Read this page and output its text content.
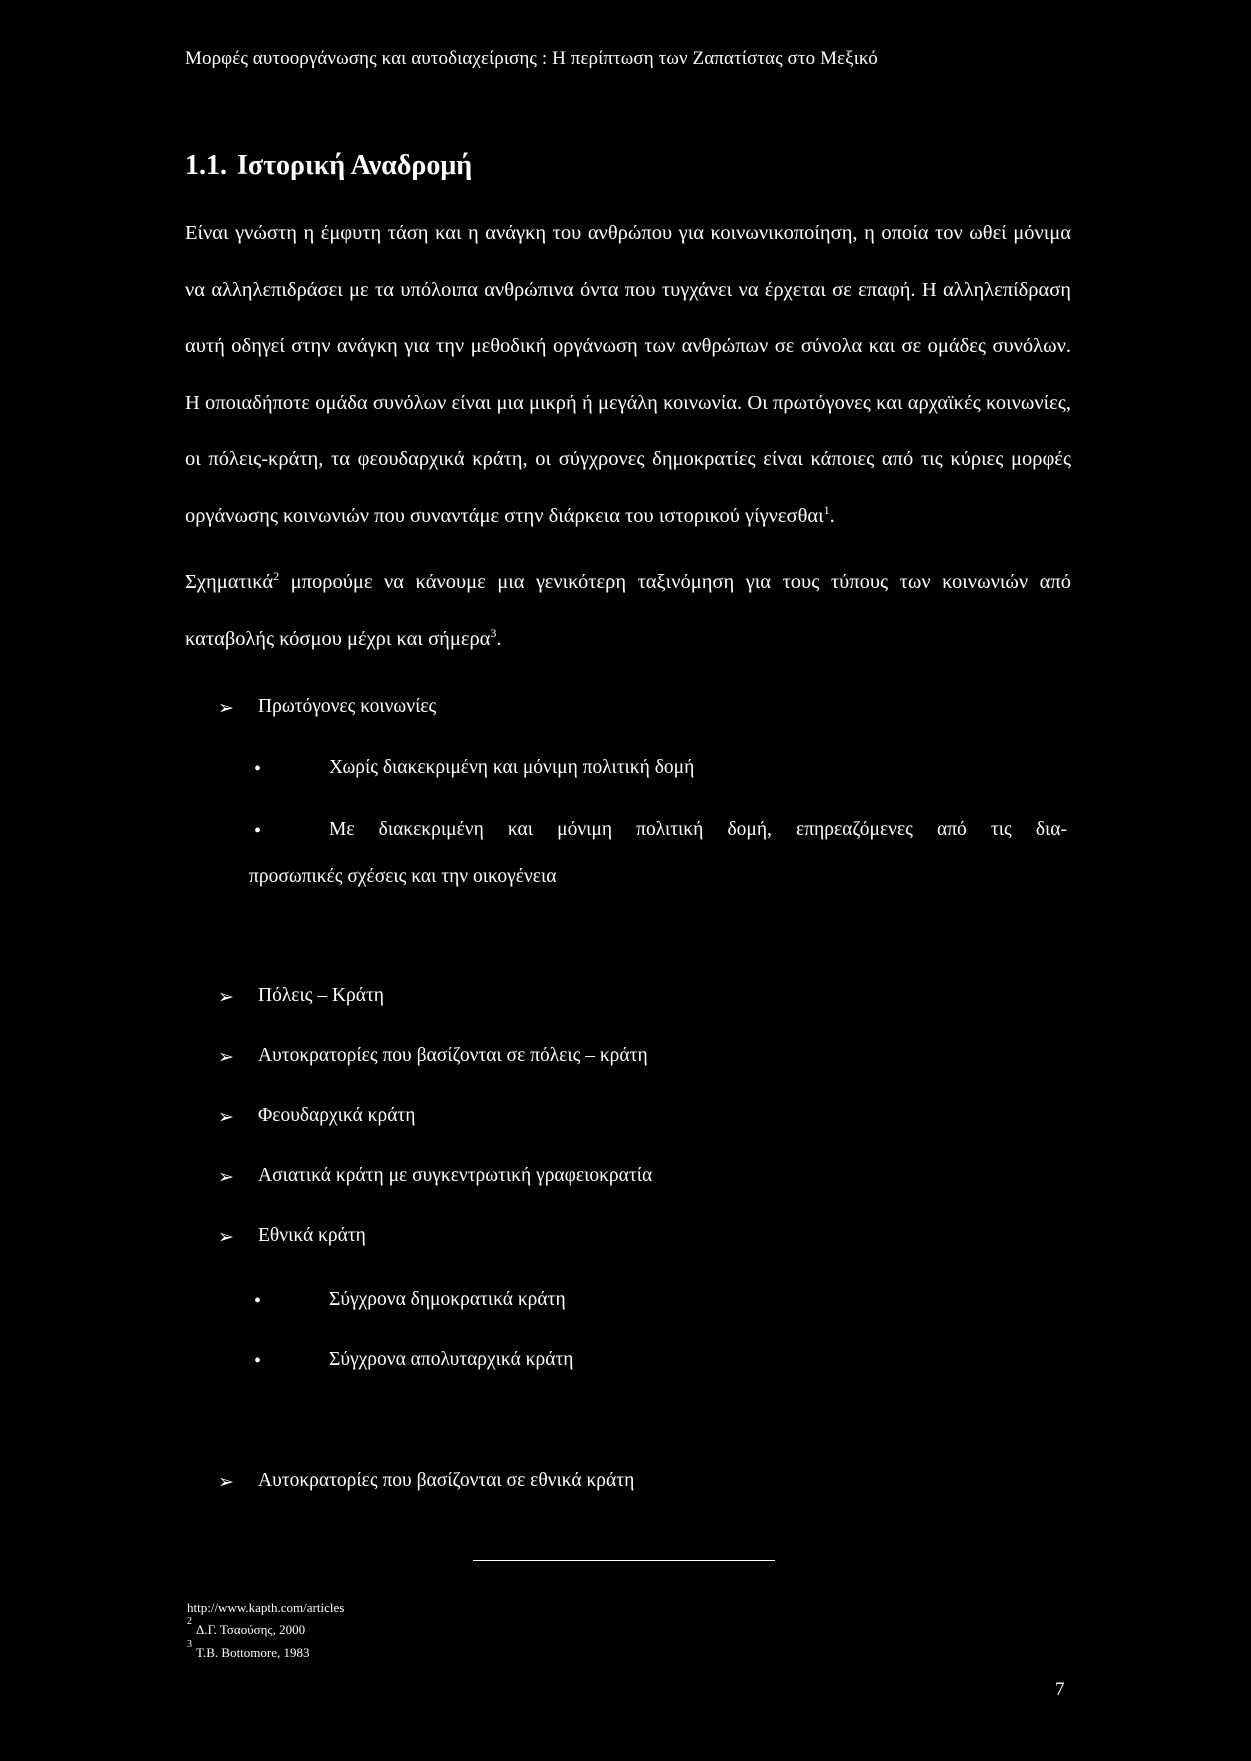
Μορφές αυτοοργάνωσης και αυτοδιαχείρισης : Η περίπτωση των Ζαπατίστας στο Μεξικό
1.1. Ιστορική Αναδρομή
Είναι γνώστη η έμφυτη τάση και η ανάγκη του ανθρώπου για κοινωνικοποίηση, η οποία τον ωθεί μόνιμα να αλληλεπιδράσει με τα υπόλοιπα ανθρώπινα όντα που τυγχάνει να έρχεται σε επαφή. Η αλληλεπίδραση αυτή οδηγεί στην ανάγκη για την μεθοδική οργάνωση των ανθρώπων σε σύνολα και σε ομάδες συνόλων. Η οποιαδήποτε ομάδα συνόλων είναι μια μικρή ή μεγάλη κοινωνία. Οι πρωτόγονες και αρχαϊκές κοινωνίες, οι πόλεις-κράτη, τα φεουδαρχικά κράτη, οι σύγχρονες δημοκρατίες είναι κάποιες από τις κύριες μορφές οργάνωσης κοινωνιών που συναντάμε στην διάρκεια του ιστορικού γίγνεσθαι$^1$.
Σχηματικά$^2$ μπορούμε να κάνουμε μια γενικότερη ταξινόμηση για τους τύπους των κοινωνιών από καταβολής κόσμου μέχρι και σήμερα$^3$.
➢ Πρωτόγονες κοινωνίες
•	Χωρίς διακεκριμένη και μόνιμη πολιτική δομή
•	Με διακεκριμένη και μόνιμη πολιτική δομή, επηρεαζόμενες από τις δια-
προσωπικές σχέσεις και την οικογένεια
➢ Πόλεις – Κράτη
➢ Αυτοκρατορίες που βασίζονται σε πόλεις – κράτη
➢ Φεουδαρχικά κράτη
➢ Ασιατικά κράτη με συγκεντρωτική γραφειοκρατία
➢ Εθνικά κράτη
•	Σύγχρονα δημοκρατικά κράτη
•	Σύγχρονα απολυταρχικά κράτη
➢ Αυτοκρατορίες που βασίζονται σε εθνικά κράτη
http://www.kapth.com/articles
$^2$Δ.Γ. Τσαούσης, 2000
$^3$T.B. Bottomore, 1983
7
